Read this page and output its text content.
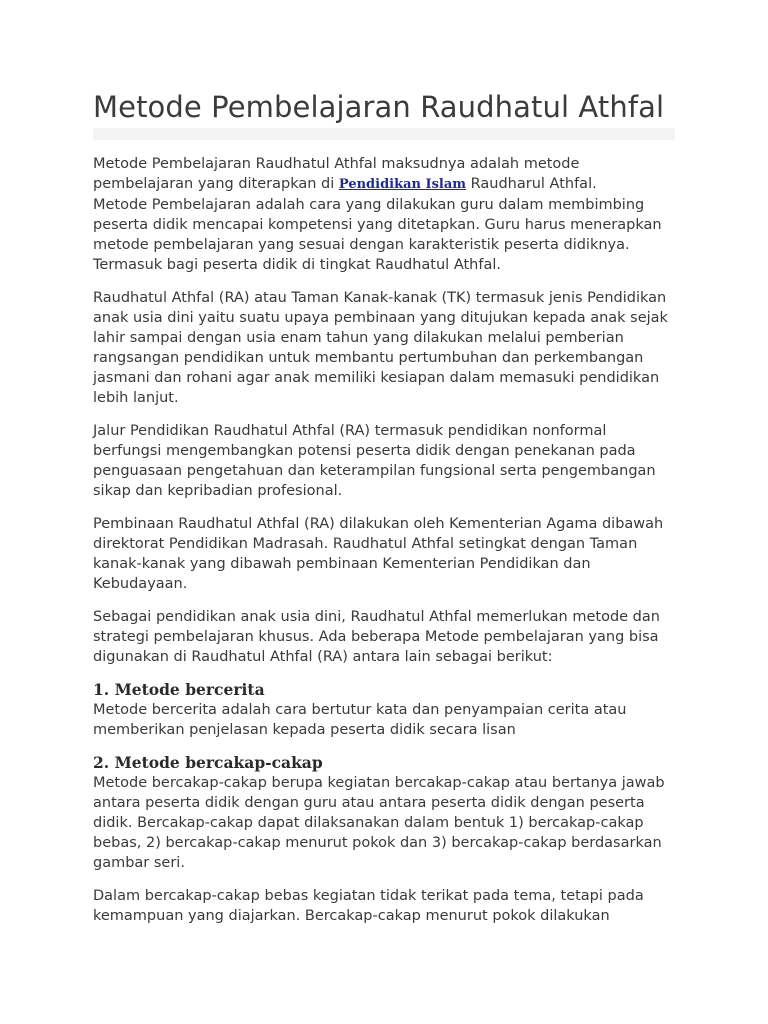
Metode Pembelajaran Raudhatul Athfal

Metode Pembelajaran Raudhatul Athfal maksudnya adalah metode pembelajaran yang diterapkan di Pendidikan Islam Raudharul Athfal.
Metode Pembelajaran adalah cara yang dilakukan guru dalam membimbing peserta didik mencapai kompetensi yang ditetapkan. Guru harus menerapkan metode pembelajaran yang sesuai dengan karakteristik peserta didiknya. Termasuk bagi peserta didik di tingkat Raudhatul Athfal.

Raudhatul Athfal (RA) atau Taman Kanak-kanak (TK) termasuk jenis Pendidikan anak usia dini yaitu suatu upaya pembinaan yang ditujukan kepada anak sejak lahir sampai dengan usia enam tahun yang dilakukan melalui pemberian rangsangan pendidikan untuk membantu pertumbuhan dan perkembangan jasmani dan rohani agar anak memiliki kesiapan dalam memasuki pendidikan lebih lanjut.

Jalur Pendidikan Raudhatul Athfal (RA) termasuk pendidikan nonformal berfungsi mengembangkan potensi peserta didik dengan penekanan pada penguasaan pengetahuan dan keterampilan fungsional serta pengembangan sikap dan kepribadian profesional.

Pembinaan Raudhatul Athfal (RA) dilakukan oleh Kementerian Agama dibawah direktorat Pendidikan Madrasah. Raudhatul Athfal setingkat dengan Taman kanak-kanak yang dibawah pembinaan Kementerian Pendidikan dan Kebudayaan.

Sebagai pendidikan anak usia dini, Raudhatul Athfal memerlukan metode dan strategi pembelajaran khusus. Ada beberapa Metode pembelajaran yang bisa digunakan di Raudhatul Athfal (RA) antara lain sebagai berikut:

1. Metode bercerita

Metode bercerita adalah cara bertutur kata dan penyampaian cerita atau memberikan penjelasan kepada peserta didik secara lisan

2. Metode bercakap-cakap

Metode bercakap-cakap berupa kegiatan bercakap-cakap atau bertanya jawab antara peserta didik dengan guru atau antara peserta didik dengan peserta didik. Bercakap-cakap dapat dilaksanakan dalam bentuk 1) bercakap-cakap bebas, 2) bercakap-cakap menurut pokok dan 3) bercakap-cakap berdasarkan gambar seri.

Dalam bercakap-cakap bebas kegiatan tidak terikat pada tema, tetapi pada kemampuan yang diajarkan. Bercakap-cakap menurut pokok dilakukan
